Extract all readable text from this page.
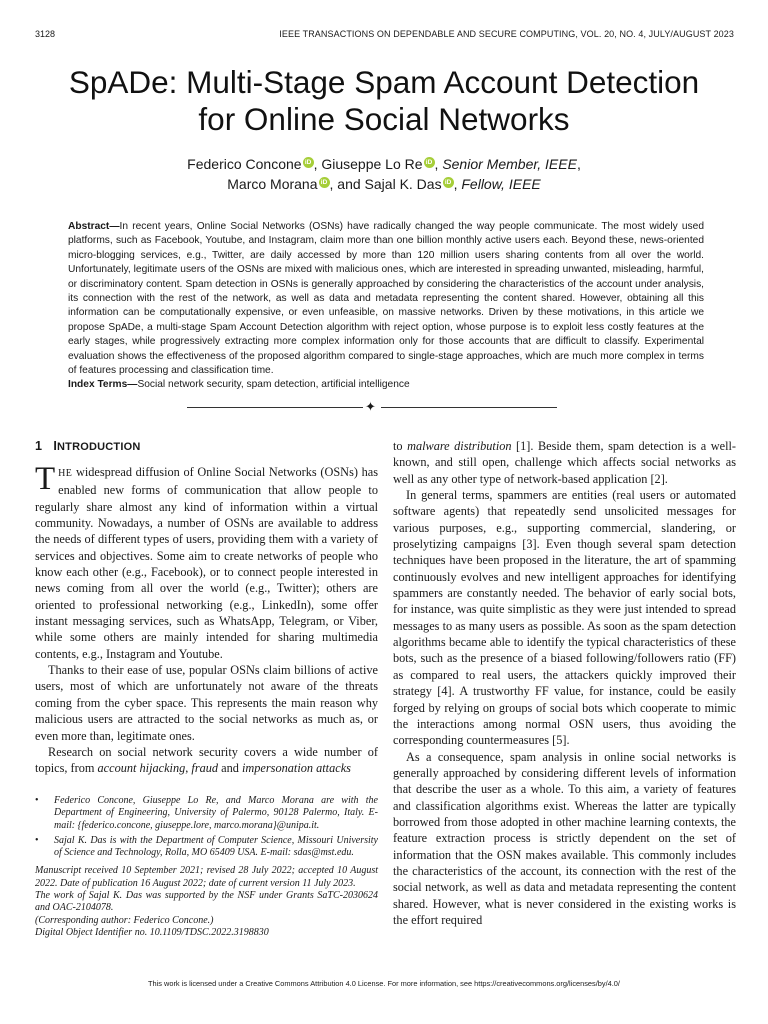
3128	IEEE TRANSACTIONS ON DEPENDABLE AND SECURE COMPUTING, VOL. 20, NO. 4, JULY/AUGUST 2023
SpADe: Multi-Stage Spam Account Detection
for Online Social Networks
Federico Concone iD , Giuseppe Lo Re iD , Senior Member, IEEE,
Marco Morana iD , and Sajal K. Das iD , Fellow, IEEE
Abstract—In recent years, Online Social Networks (OSNs) have radically changed the way people communicate. The most widely used platforms, such as Facebook, Youtube, and Instagram, claim more than one billion monthly active users each. Beyond these, news-oriented micro-blogging services, e.g., Twitter, are daily accessed by more than 120 million users sharing contents from all over the world. Unfortunately, legitimate users of the OSNs are mixed with malicious ones, which are interested in spreading unwanted, misleading, harmful, or discriminatory content. Spam detection in OSNs is generally approached by considering the characteristics of the account under analysis, its connection with the rest of the network, as well as data and metadata representing the content shared. However, obtaining all this information can be computationally expensive, or even unfeasible, on massive networks. Driven by these motivations, in this article we propose SpADe, a multi-stage Spam Account Detection algorithm with reject option, whose purpose is to exploit less costly features at the early stages, while progressively extracting more complex information only for those accounts that are difficult to classify. Experimental evaluation shows the effectiveness of the proposed algorithm compared to single-stage approaches, which are much more complex in terms of features processing and classification time.
Index Terms—Social network security, spam detection, artificial intelligence
✦
1 INTRODUCTION

THE widespread diffusion of Online Social Networks (OSNs) has enabled new forms of communication that allow people to regularly share almost any kind of information within a virtual community. Nowadays, a number of OSNs are available to address the needs of different types of users, providing them with a variety of services and objectives. Some aim to create networks of people who know each other (e.g., Facebook), or to connect people interested in news coming from all over the world (e.g., Twitter); others are oriented to professional networking (e.g., LinkedIn), some offer instant messaging services, such as WhatsApp, Telegram, or Viber, while some others are mainly intended for sharing multimedia contents, e.g., Instagram and Youtube.

Thanks to their ease of use, popular OSNs claim billions of active users, most of which are unfortunately not aware of the threats coming from the cyber space. This represents the main reason why malicious users are attracted to the social networks as much as, or even more than, legitimate ones.

Research on social network security covers a wide number of topics, from account hijacking, fraud and impersonation attacks

• Federico Concone, Giuseppe Lo Re, and Marco Morana are with the Department of Engineering, University of Palermo, 90128 Palermo, Italy. E-mail: {federico.concone, giuseppe.lore, marco.morana}@unipa.it.
• Sajal K. Das is with the Department of Computer Science, Missouri University of Science and Technology, Rolla, MO 65409 USA. E-mail: sdas@mst.edu.
Manuscript received 10 September 2021; revised 28 July 2022; accepted 10 August 2022. Date of publication 16 August 2022; date of current version 11 July 2023.
The work of Sajal K. Das was supported by the NSF under Grants SaTC-2030624 and OAC-2104078.
(Corresponding author: Federico Concone.)
Digital Object Identifier no. 10.1109/TDSC.2022.3198830

to malware distribution [1]. Beside them, spam detection is a well-known, and still open, challenge which affects social networks as well as any other type of network-based application [2].

In general terms, spammers are entities (real users or automated software agents) that repeatedly send unsolicited messages for various purposes, e.g., supporting commercial, slandering, or proselytizing campaigns [3]. Even though several spam detection techniques have been proposed in the literature, the art of spamming continuously evolves and new intelligent approaches for identifying spammers are constantly needed. The behavior of early social bots, for instance, was quite simplistic as they were just intended to spread messages to as many users as possible. As soon as the spam detection algorithms became able to identify the typical characteristics of these bots, such as the presence of a biased following/followers ratio (FF) as compared to real users, the attackers quickly improved their strategy [4]. A trustworthy FF value, for instance, could be easily forged by relying on groups of social bots which cooperate to mimic the interactions among normal OSN users, thus avoiding the corresponding countermeasures [5].

As a consequence, spam analysis in online social networks is generally approached by considering different levels of information that describe the user as a whole. To this aim, a variety of features and classification algorithms exist. Whereas the latter are typically borrowed from those adopted in other machine learning contexts, the feature extraction process is strictly dependent on the set of information that the OSN makes available. This commonly includes the characteristics of the account, its connection with the rest of the social network, as well as data and metadata representing the content shared. However, what is never considered in the existing works is the effort required

This work is licensed under a Creative Commons Attribution 4.0 License. For more information, see https://creativecommons.org/licenses/by/4.0/
